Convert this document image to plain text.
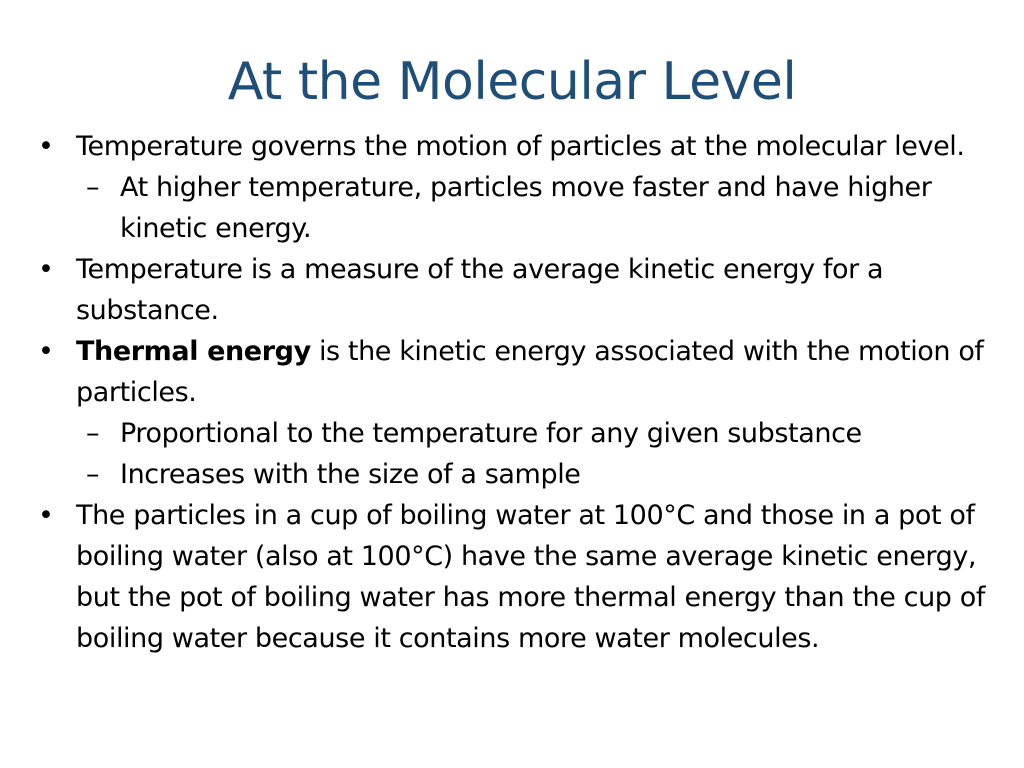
At the Molecular Level
• Temperature governs the motion of particles at the molecular level.
– At higher temperature, particles move faster and have higher kinetic energy.
• Temperature is a measure of the average kinetic energy for a substance.
• Thermal energy is the kinetic energy associated with the motion of particles.
– Proportional to the temperature for any given substance
– Increases with the size of a sample
• The particles in a cup of boiling water at 100°C and those in a pot of boiling water (also at 100°C) have the same average kinetic energy, but the pot of boiling water has more thermal energy than the cup of boiling water because it contains more water molecules.
